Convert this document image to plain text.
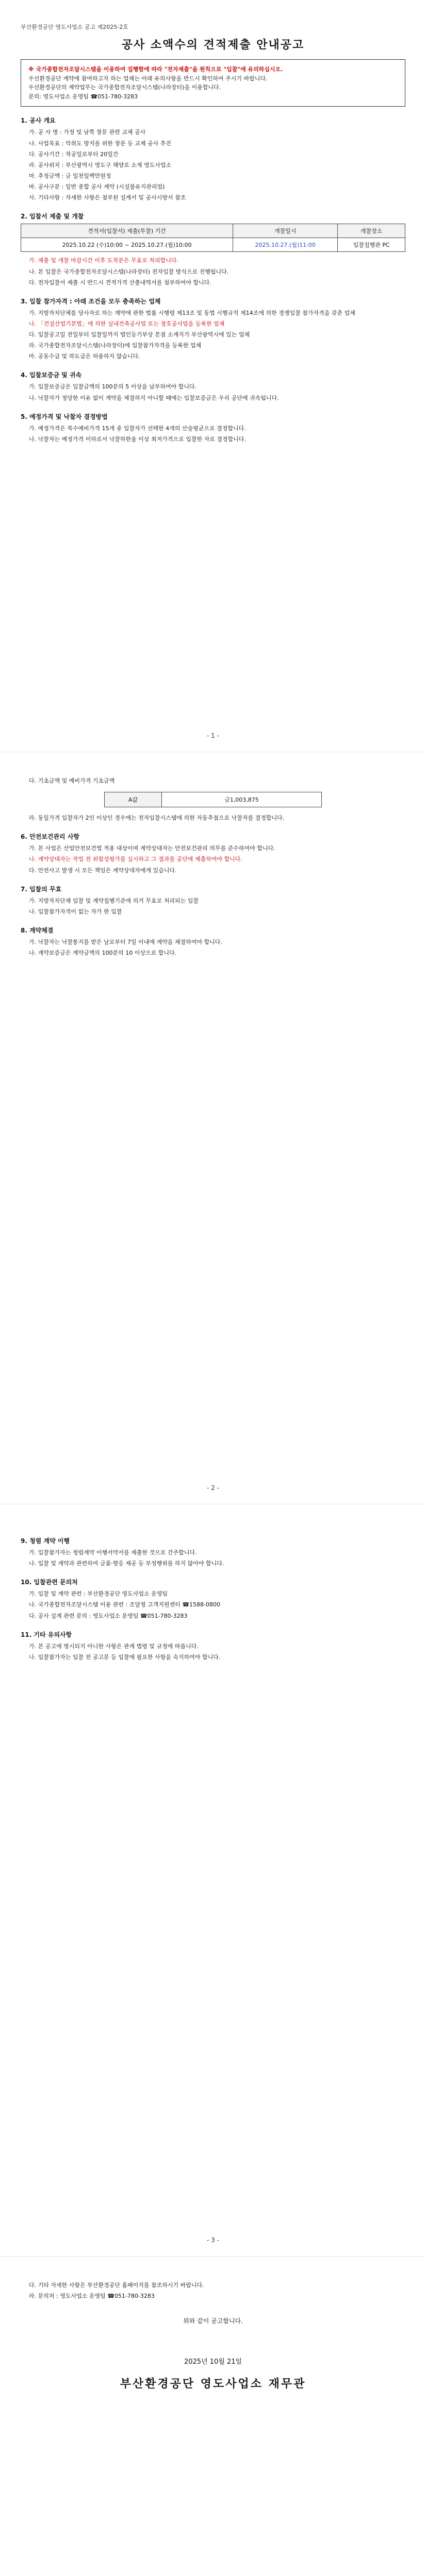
부산환경공단 영도사업소 공고 제2025-2호
공사 소액수의 견적제출 안내공고
※ 국가종합전자조달시스템을 이용하여 집행함에 따라 "전자제출"을 원칙으로 "입찰"에 유의하십시오.
우선환경공단 계약에 참여하고자 하는 업체는 아래 유의사항을 반드시 확인하여 주시기 바랍니다.
우선환경공단의 계약업무는 국가종합전자조달시스템(나라장터)을 이용합니다.
문의: 영도사업소 운영팀 ☎051-780-3283
1. 공사 개요
가. 공 사 명 : 가정 및 남쪽 창문 관련 교체 공사
나. 사업목표 : 악취도 방지를 위한 창문 등 교체 공사 추진
다. 공사기간 : 착공일로부터 20일간
라. 공사위치 : 부산광역시 영도구 해양로 소재 영도사업소
마. 추정금액 : 금 일천일백만원정
바. 공사구분 : 일반 종합 공사 계약 (시설물유지관리업)
사. 기타사항 : 자세한 사항은 첨부된 설계서 및 공사시방서 참조
2. 입찰서 제출 및 개찰
견적서(입찰서) 제출(투찰) 기간	개찰일시	개찰장소
2025.10.22 (수)10:00 ~ 2025.10.27.(월)10:00	2025.10.27.(월)11:00	입찰집행관 PC
가. 제출 및 개찰 마감시간 이후 도착분은 무효로 처리합니다.
나. 본 입찰은 국가종합전자조달시스템(나라장터) 전자입찰 방식으로 진행됩니다.
다. 전자입찰서 제출 시 반드시 견적가격 산출내역서를 첨부하여야 합니다.
3. 입찰 참가자격 : 아래 조건을 모두 충족하는 업체
가. 지방자치단체를 당사자로 하는 계약에 관한 법률 시행령 제13조 및 동법 시행규칙 제14조에 의한 경쟁입찰 참가자격을 갖춘 업체
나. 「건설산업기본법」에 의한 실내건축공사업 또는 창호공사업을 등록한 업체
다. 입찰공고일 전일부터 입찰일까지 법인등기부상 본점 소재지가 부산광역시에 있는 업체
라. 국가종합전자조달시스템(나라장터)에 입찰참가자격을 등록한 업체
마. 공동수급 및 하도급은 허용하지 않습니다.
4. 입찰보증금 및 귀속
가. 입찰보증금은 입찰금액의 100분의 5 이상을 납부하여야 합니다.
나. 낙찰자가 정당한 이유 없이 계약을 체결하지 아니할 때에는 입찰보증금은 우리 공단에 귀속됩니다.
5. 예정가격 및 낙찰자 결정방법
가. 예정가격은 복수예비가격 15개 중 입찰자가 선택한 4개의 산술평균으로 결정합니다.
나. 낙찰자는 예정가격 이하로서 낙찰하한율 이상 최저가격으로 입찰한 자로 결정합니다.
- 1 -
다. 기초금액 및 예비가격 기초금액
A값	금1,003,875
라. 동일가격 입찰자가 2인 이상인 경우에는 전자입찰시스템에 의한 자동추첨으로 낙찰자를 결정합니다.
6. 안전보건관리 사항
가. 본 사업은 산업안전보건법 적용 대상이며 계약상대자는 안전보건관리 의무를 준수하여야 합니다.
나. 계약상대자는 작업 전 위험성평가를 실시하고 그 결과를 공단에 제출하여야 합니다.
다. 안전사고 발생 시 모든 책임은 계약상대자에게 있습니다.
7. 입찰의 무효
가. 지방자치단체 입찰 및 계약집행기준에 의거 무효로 처리되는 입찰
나. 입찰참가자격이 없는 자가 한 입찰
8. 계약체결
가. 낙찰자는 낙찰통지를 받은 날로부터 7일 이내에 계약을 체결하여야 합니다.
나. 계약보증금은 계약금액의 100분의 10 이상으로 합니다.
- 2 -
9. 청렴 계약 이행
가. 입찰참가자는 청렴계약 이행서약서를 제출한 것으로 간주합니다.
나. 입찰 및 계약과 관련하여 금품·향응 제공 등 부정행위를 하지 않아야 합니다.
10. 입찰관련 문의처
가. 입찰 및 계약 관련 : 부산환경공단 영도사업소 운영팀
나. 국가종합전자조달시스템 이용 관련 : 조달청 고객지원센터 ☎1588-0800
다. 공사 설계 관련 문의 : 영도사업소 운영팀 ☎051-780-3283
11. 기타 유의사항
가. 본 공고에 명시되지 아니한 사항은 관계 법령 및 규정에 따릅니다.
나. 입찰참가자는 입찰 전 공고문 등 입찰에 필요한 사항을 숙지하여야 합니다.
- 3 -
다. 기타 자세한 사항은 부산환경공단 홈페이지를 참조하시기 바랍니다.
라. 문의처 : 영도사업소 운영팀 ☎051-780-3283
위와 같이 공고합니다.
2025년 10월 21일
부산환경공단 영도사업소 재무관
